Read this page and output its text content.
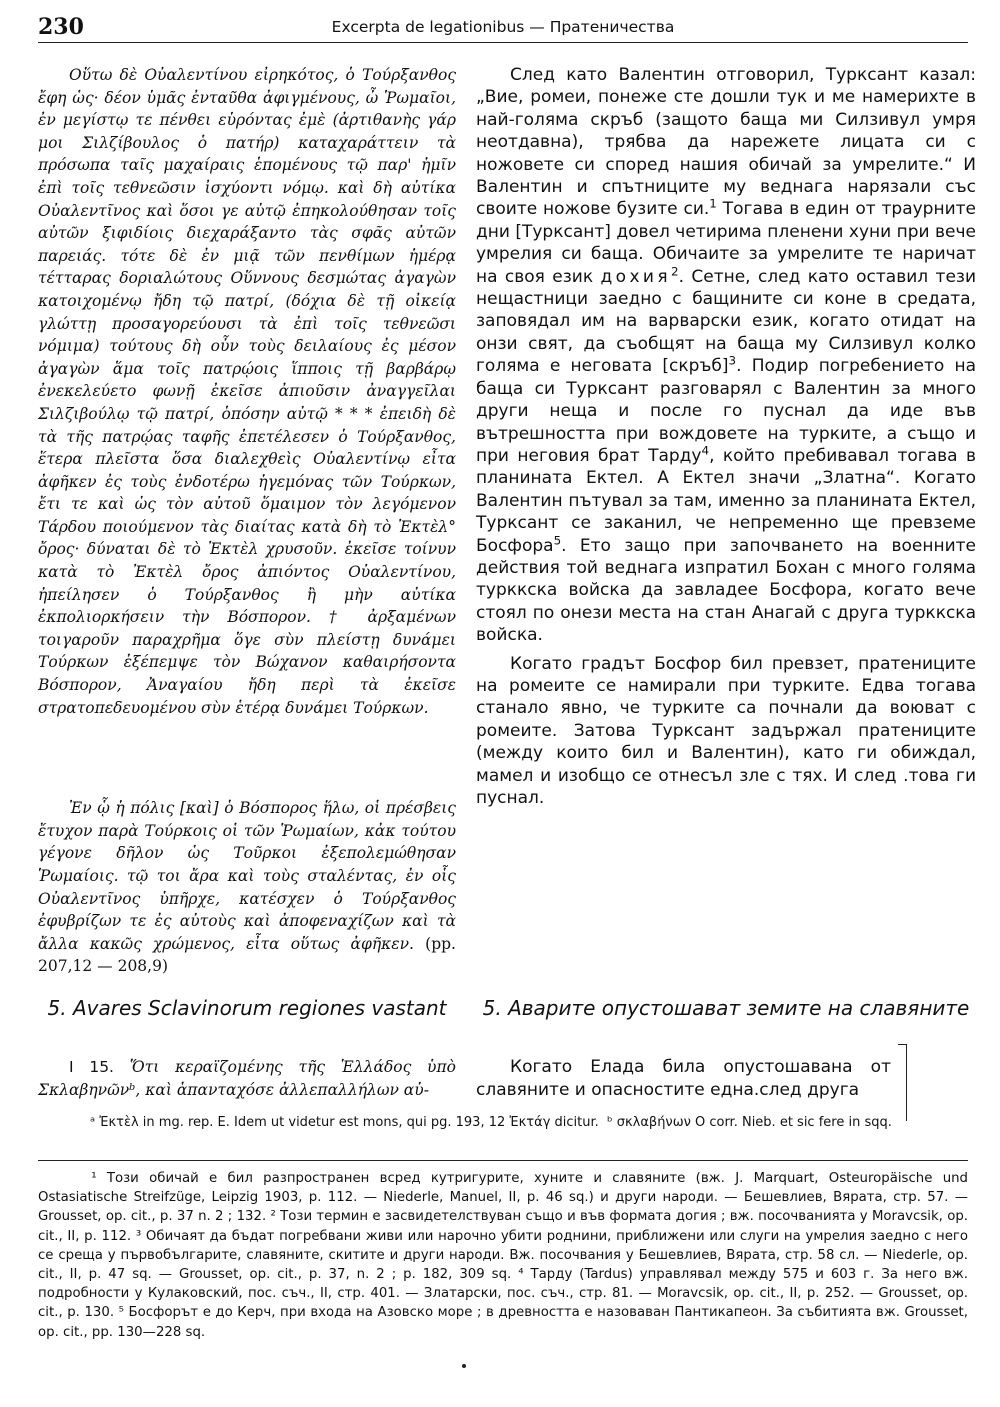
230	Excerpta de legationibus — Пратеничества

Οὕτω δὲ Οὐαλεντίνου εἰρηκότος, ὁ Τούρξανθος ἔφη ὡς· δέον ὑμᾶς ἐνταῦθα ἀφιγμένους, ὦ Ῥωμαῖοι, ἐν μεγίστῳ τε πένθει εὑρόντας ἐμὲ (ἀρτιθανὴς γάρ μοι Σιλζίβουλος ὁ πατήρ) καταχαράττειν τὰ πρόσωπα ταῖς μαχαίραις ἑπομένους τῷ παρ' ἡμῖν ἐπὶ τοῖς τεθνεῶσιν ἰσχύοντι νόμῳ. καὶ δὴ αὐτίκα Οὐαλεντῖνος καὶ ὅσοι γε αὐτῷ ἐπηκολούθησαν τοῖς αὐτῶν ξιφιδίοις διεχαράξαντο τὰς σφᾶς αὐτῶν παρειάς. τότε δὲ ἐν μιᾷ τῶν πενθίμων ἡμέρᾳ τέτταρας δοριαλώτους Οὕννους δεσμώτας ἀγαγὼν κατοιχομένῳ ἤδη τῷ πατρί, (δόχια δὲ τῇ οἰκείᾳ γλώττῃ προσαγορεύουσι τὰ ἐπὶ τοῖς τεθνεῶσι νόμιμα) τούτους δὴ οὖν τοὺς δειλαίους ἐς μέσον ἀγαγὼν ἅμα τοῖς πατρῴοις ἵπποις τῇ βαρβάρῳ ἐνεκελεύετο φωνῇ ἐκεῖσε ἀπιοῦσιν ἀναγγεῖλαι Σιλζιβούλῳ τῷ πατρί, ὁπόσην αὐτῷ * * * ἐπειδὴ δὲ τὰ τῆς πατρῴας ταφῆς ἐπετέλεσεν ὁ Τούρξανθος, ἕτερα πλεῖστα ὅσα διαλεχθεὶς Οὐαλεντίνῳ εἶτα ἀφῆκεν ἐς τοὺς ἐνδοτέρω ἡγεμόνας τῶν Τούρκων, ἔτι τε καὶ ὡς τὸν αὐτοῦ ὅμαιμον τὸν λεγόμενον Τάρδου ποιούμενον τὰς διαίτας κατὰ δὴ τὸ Ἐκτὲλ° ὄρος· δύναται δὲ τὸ Ἐκτὲλ χρυσοῦν. ἐκεῖσε τοίνυν κατὰ τὸ Ἐκτὲλ ὄρος ἀπιόντος Οὐαλεντίνου, ἠπείλησεν ὁ Τούρξανθος ἢ μὴν αὐτίκα ἐκπολιορκήσειν τὴν Βόσπορον. † ἀρξαμένων τοιγαροῦν παραχρῆμα ὅγε σὺν πλείστῃ δυνάμει Τούρκων ἐξέπεμψε τὸν Βώχανον καθαιρήσοντα Βόσπορον, Ἀναγαίου ἤδη περὶ τὰ ἐκεῖσε στρατοπεδευομένου σὺν ἑτέρᾳ δυνάμει Τούρκων.

Ἐν ᾧ ἡ πόλις [καὶ] ὁ Βόσπορος ἥλω, οἱ πρέσβεις ἔτυχον παρὰ Τούρκοις οἱ τῶν Ῥωμαίων, κἀκ τούτου γέγονε δῆλον ὡς Τοῦρκοι ἐξεπολεμώθησαν Ῥωμαίοις. τῷ τοι ἄρα καὶ τοὺς σταλέντας, ἐν οἷς Οὐαλεντῖνος ὑπῆρχε, κατέσχεν ὁ Τούρξανθος ἐφυβρίζων τε ἐς αὐτοὺς καὶ ἀποφεναχίζων καὶ τὰ ἄλλα κακῶς χρώμενος, εἶτα οὕτως ἀφῆκεν. (pp. 207,12 — 208,9)

След като Валентин отговорил, Турксант казал: „Вие, ромеи, понеже сте дошли тук и ме намерихте в най-голяма скръб (защото баща ми Силзивул умря неотдавна), трябва да нарежете лицата си с ножовете си според нашия обичай за умрелите.“ И Валентин и спътниците му веднага нарязали със своите ножове бузите си.$^1$ Тогава в един от траурните дни [Турксант] довел четирима пленени хуни при вече умрелия си баща. Обичаите за умрелите те наричат на своя език дохия$^2$. Сетне, след като оставил тези нещастници заедно с бащините си коне в средата, заповядал им на варварски език, когато отидат на онзи свят, да съобщят на баща му Силзивул колко голяма е неговата [скръб]$^3$. Подир погребението на баща си Турксант разговарял с Валентин за много други неща и после го пуснал да иде във вътрешността при вождовете на турките, а също и при неговия брат Тарду$^4$, който пребивавал тогава в планината Ектел. А Ектел значи „Златна“. Когато Валентин пътувал за там, именно за планината Ектел, Турксант се заканил, че непременно ще превземе Босфора$^5$. Ето защо при започването на военните действия той веднага изпратил Бохан с много голяма турккска войска да завладее Босфора, когато вече стоял по онези места на стан Анагай с друга турккска войска.

Когато градът Босфор бил превзет, пратениците на ромеите се намирали при турките. Едва тогава станало явно, че турките са почнали да воюват с ромеите. Затова Турксант задържал пратениците (между които бил и Валентин), като ги обиждал, мамел и изобщо се отнесъл зле с тях. И след .това ги пуснал.

5. Avares Sclavinorum regiones vastant	5. Аварите опустошават земите на славяните
I 15. Ὅτι κεραϊζομένης τῆς Ἑλλάδος ὑπὸ Σκλαβηνῶνᵇ, καὶ ἁπανταχόσε ἀλλεπαλλήλων αὐ-
Когато Елада била опустошавана от славяните и опасностите една.след друга
ᵃ Ἐκτὲλ in mg. rep. E. Idem ut videtur est mons, qui pg. 193, 12 Ἐκτάγ dicitur. ᵇ σκλαβήνων O corr. Nieb. et sic fere in sqq.
¹ Този обичай е бил разпространен всред кутригурите, хуните и славяните (вж. J. Marquart, Osteuropäische und Ostasiatische Streifzüge, Leipzig 1903, p. 112. — Niederle, Manuel, II, p. 46 sq.) и други народи. — Бешевлиев, Вярата, стр. 57. — Grousset, op. cit., p. 37 n. 2 ; 132. ² Този термин е засвидетелствуван също и във формата догия ; вж. посочванията у Moravcsik, op. cit., II, p. 112. ³ Обичаят да бъдат погребвани живи или нарочно убити роднини, приближени или слуги на умрелия заедно с него се среща у първобългарите, славяните, скитите и други народи. Вж. посочвания у Бешевлиев, Вярата, стр. 58 сл. — Niederle, op. cit., II, p. 47 sq. — Grousset, op. cit., p. 37, n. 2 ; p. 182, 309 sq. ⁴ Тарду (Tardus) управлявал между 575 и 603 г. За него вж. подробности у Кулаковский, пос. съч., II, стр. 401. — Златарски, пос. съч., стр. 81. — Moravcsik, op. cit., II, p. 252. — Grousset, op. cit., p. 130. ⁵ Босфорът е до Керч, при входа на Азовско море ; в древността е назоваван Пантикапеон. За събитията вж. Grousset, op. cit., pp. 130—228 sq.
